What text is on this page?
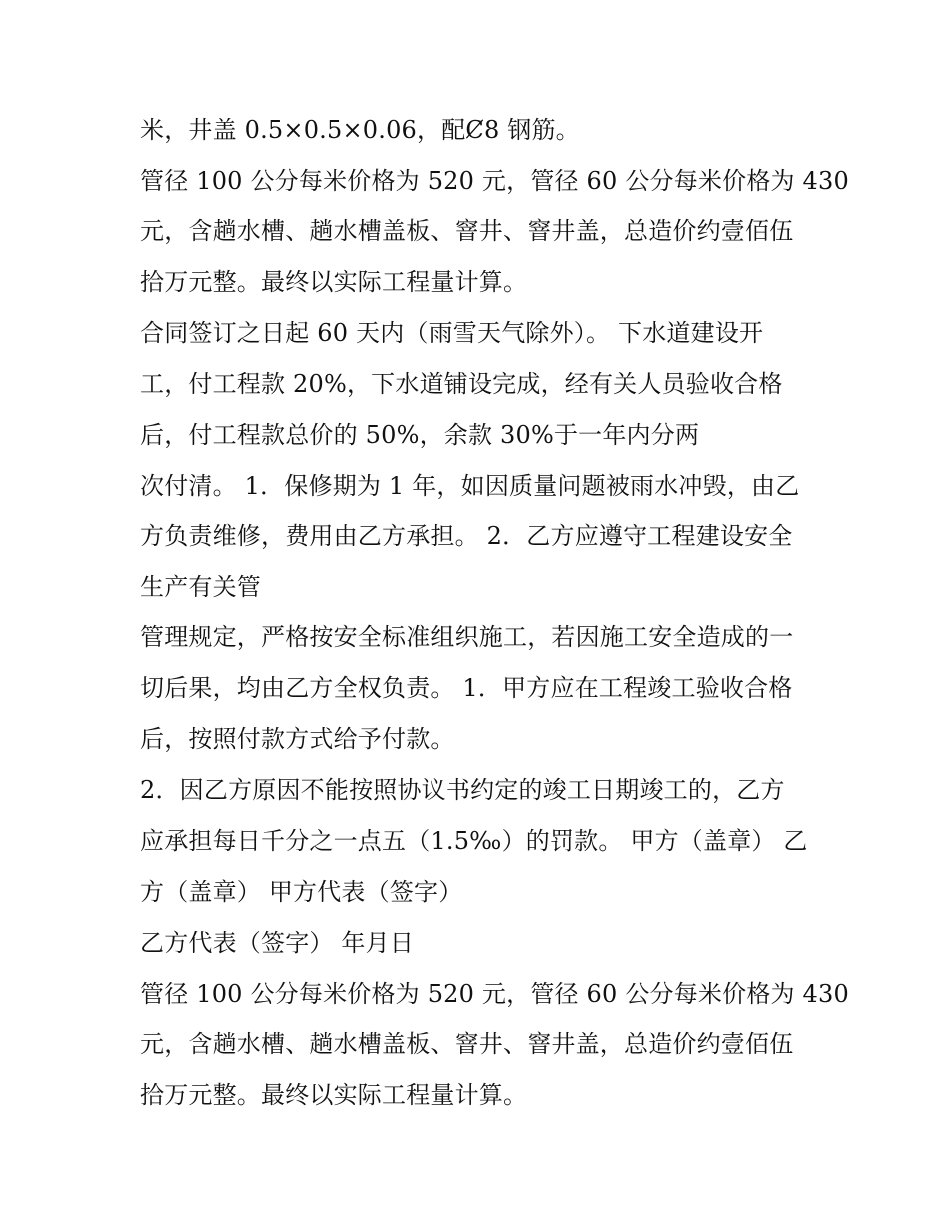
米，井盖 0.5×0.5×0.06，配Ȼ8 钢筋。
管径 100 公分每米价格为 520 元，管径 60 公分每米价格为 430
元，含趟水槽、趟水槽盖板、窨井、窨井盖，总造价约壹佰伍
拾万元整。最终以实际工程量计算。
合同签订之日起 60 天内（雨雪天气除外）。 下水道建设开
工，付工程款 20%，下水道铺设完成，经有关人员验收合格
后，付工程款总价的 50%，余款 30%于一年内分两
次付清。 1．保修期为 1 年，如因质量问题被雨水冲毁，由乙
方负责维修，费用由乙方承担。 2．乙方应遵守工程建设安全
生产有关管
管理规定，严格按安全标准组织施工，若因施工安全造成的一
切后果，均由乙方全权负责。 1．甲方应在工程竣工验收合格
后，按照付款方式给予付款。
2．因乙方原因不能按照协议书约定的竣工日期竣工的，乙方
应承担每日千分之一点五（1.5‰）的罚款。 甲方（盖章） 乙
方（盖章） 甲方代表（签字）
乙方代表（签字） 年月日
管径 100 公分每米价格为 520 元，管径 60 公分每米价格为 430
元，含趟水槽、趟水槽盖板、窨井、窨井盖，总造价约壹佰伍
拾万元整。最终以实际工程量计算。
